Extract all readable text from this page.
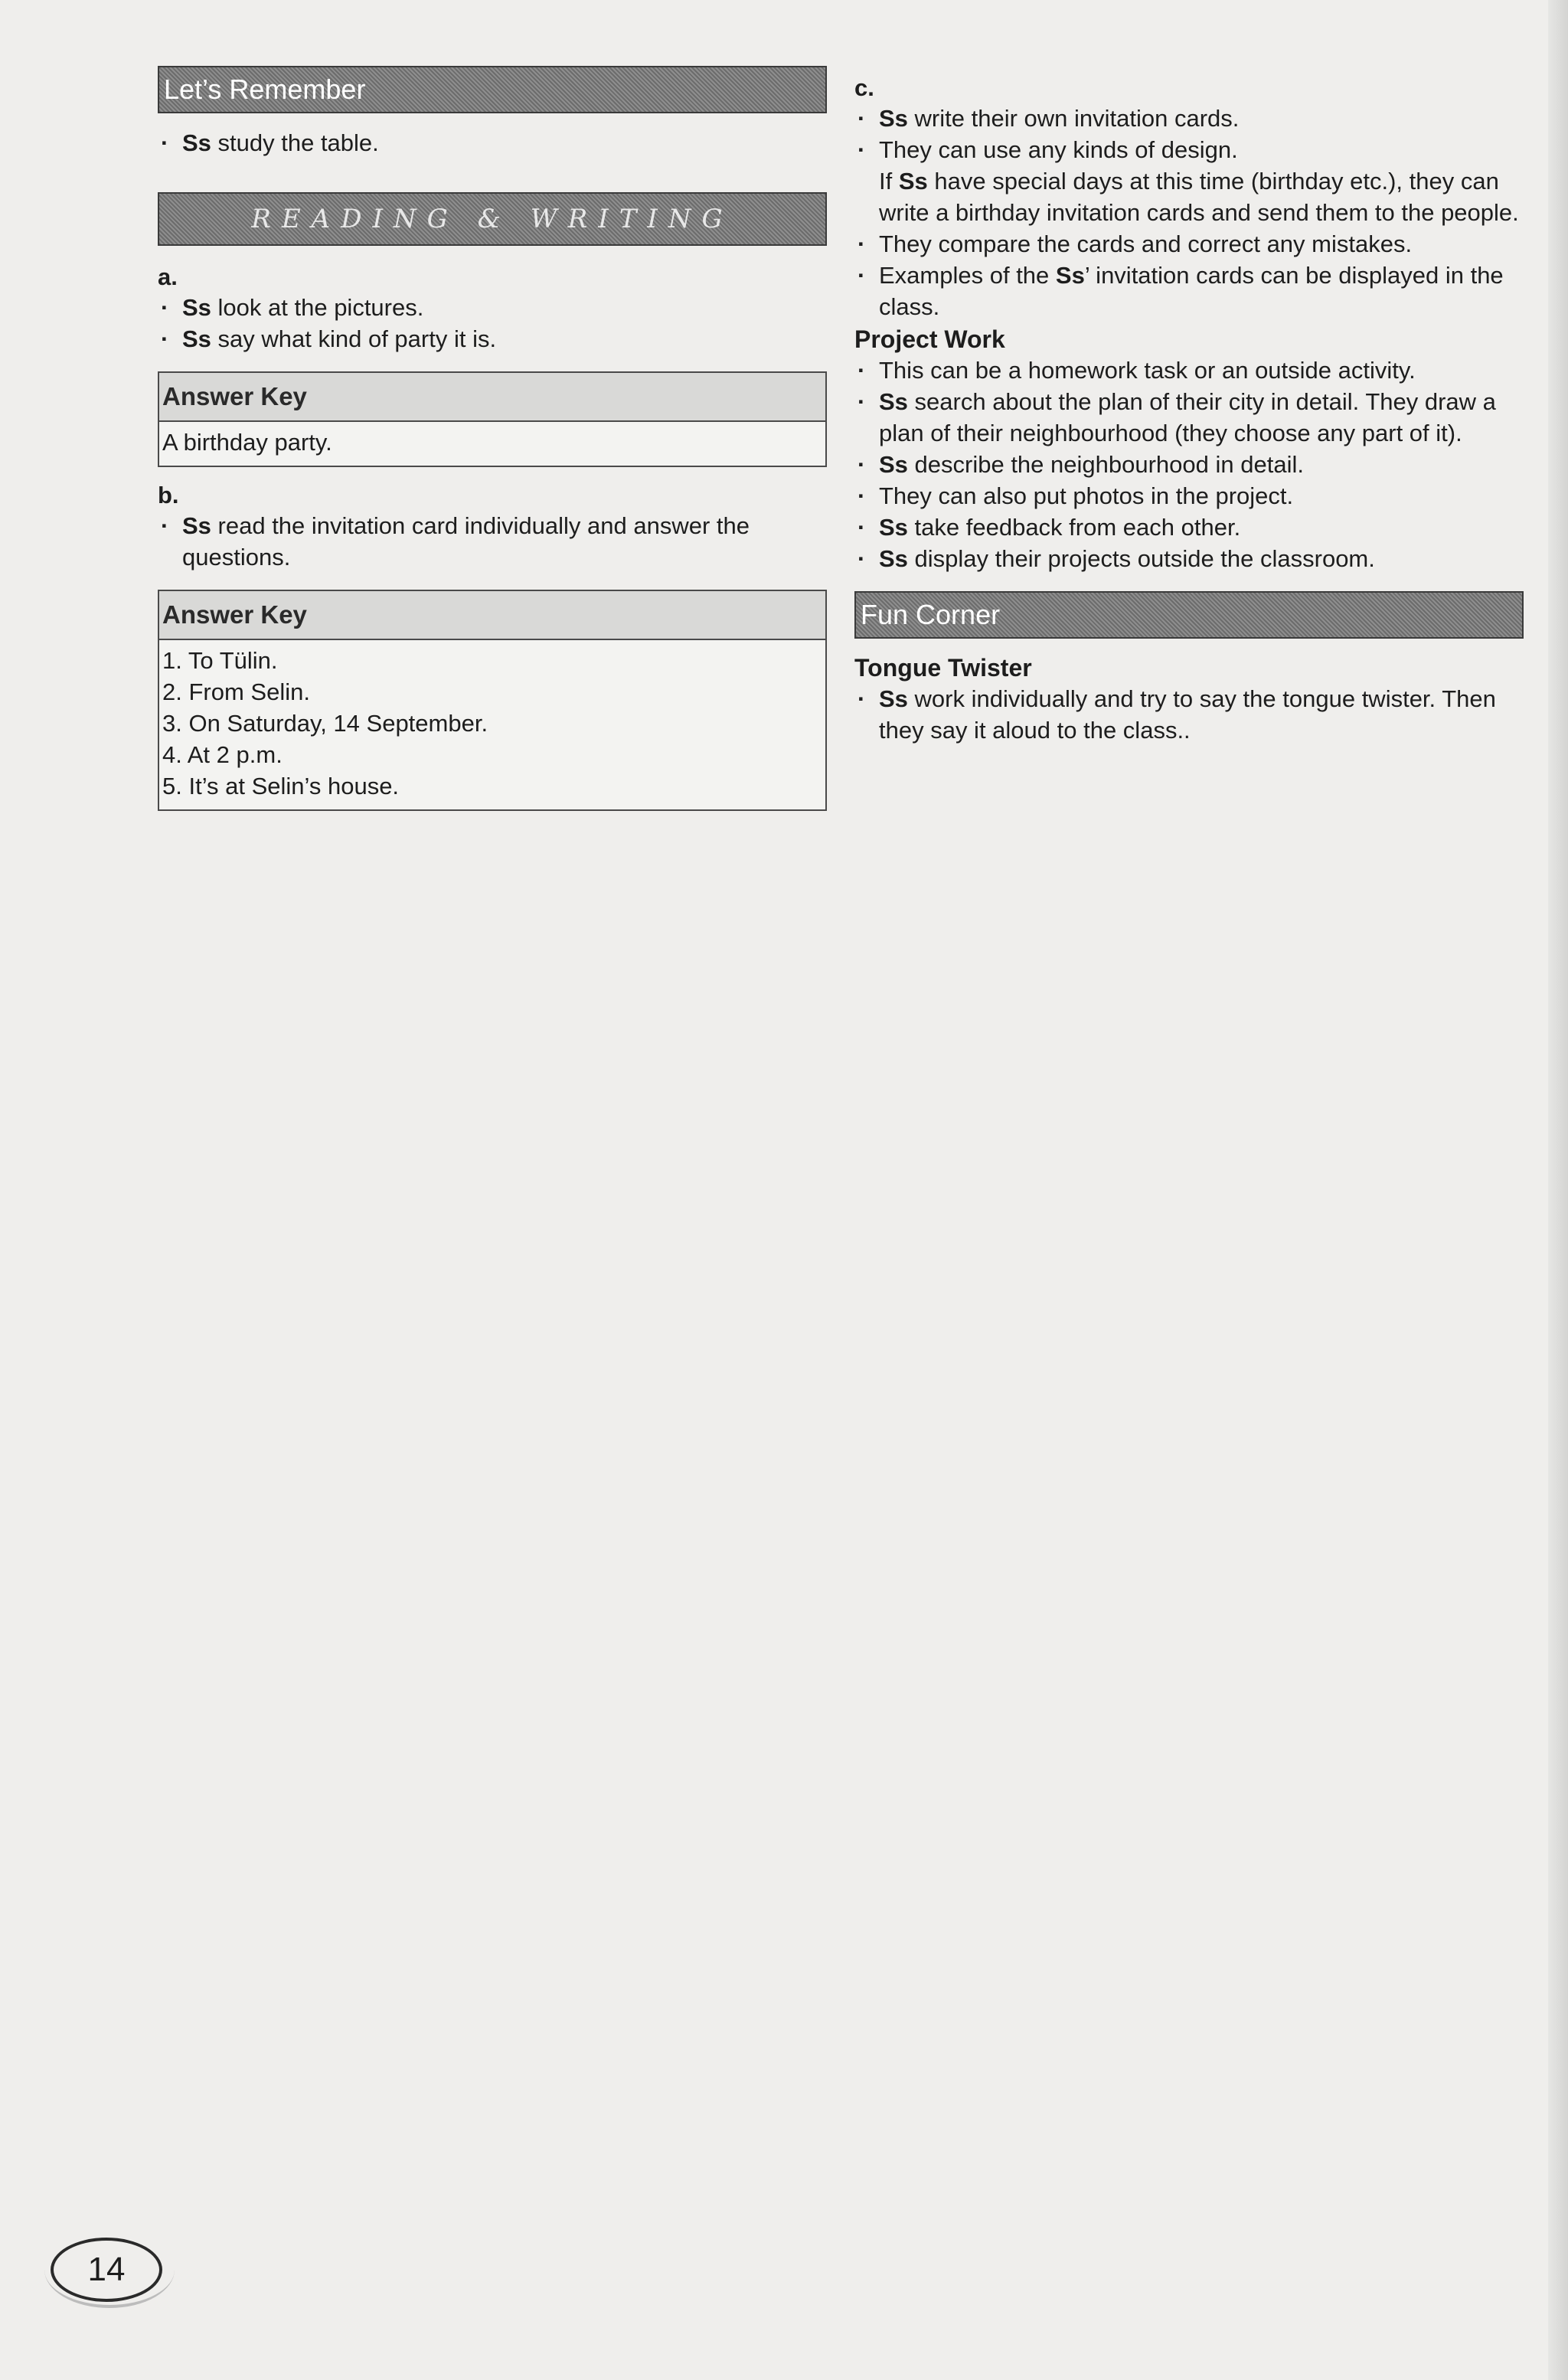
Let’s Remember
· Ss study the table.
READING & WRITING
a.
· Ss look at the pictures.
· Ss say what kind of party it is.
Answer Key
A birthday party.
b.
· Ss read the invitation card individually and answer the questions.
Answer Key
1. To Tülin.
2. From Selin.
3. On Saturday, 14 September.
4. At 2 p.m.
5. It’s at Selin’s house.
c.
· Ss write their own invitation cards.
· They can use any kinds of design.
If Ss have special days at this time (birthday etc.), they can write a birthday invitation cards and send them to the people.
· They compare the cards and correct any mistakes.
· Examples of the Ss’ invitation cards can be displayed in the class.
Project Work
· This can be a homework task or an outside activity.
· Ss search about the plan of their city in detail. They draw a plan of their neighbourhood (they choose any part of it).
· Ss describe the neighbourhood in detail.
· They can also put photos in the project.
· Ss take feedback from each other.
· Ss display their projects outside the classroom.
Fun Corner
Tongue Twister
· Ss work individually and try to say the tongue twister. Then they say it aloud to the class..
14
